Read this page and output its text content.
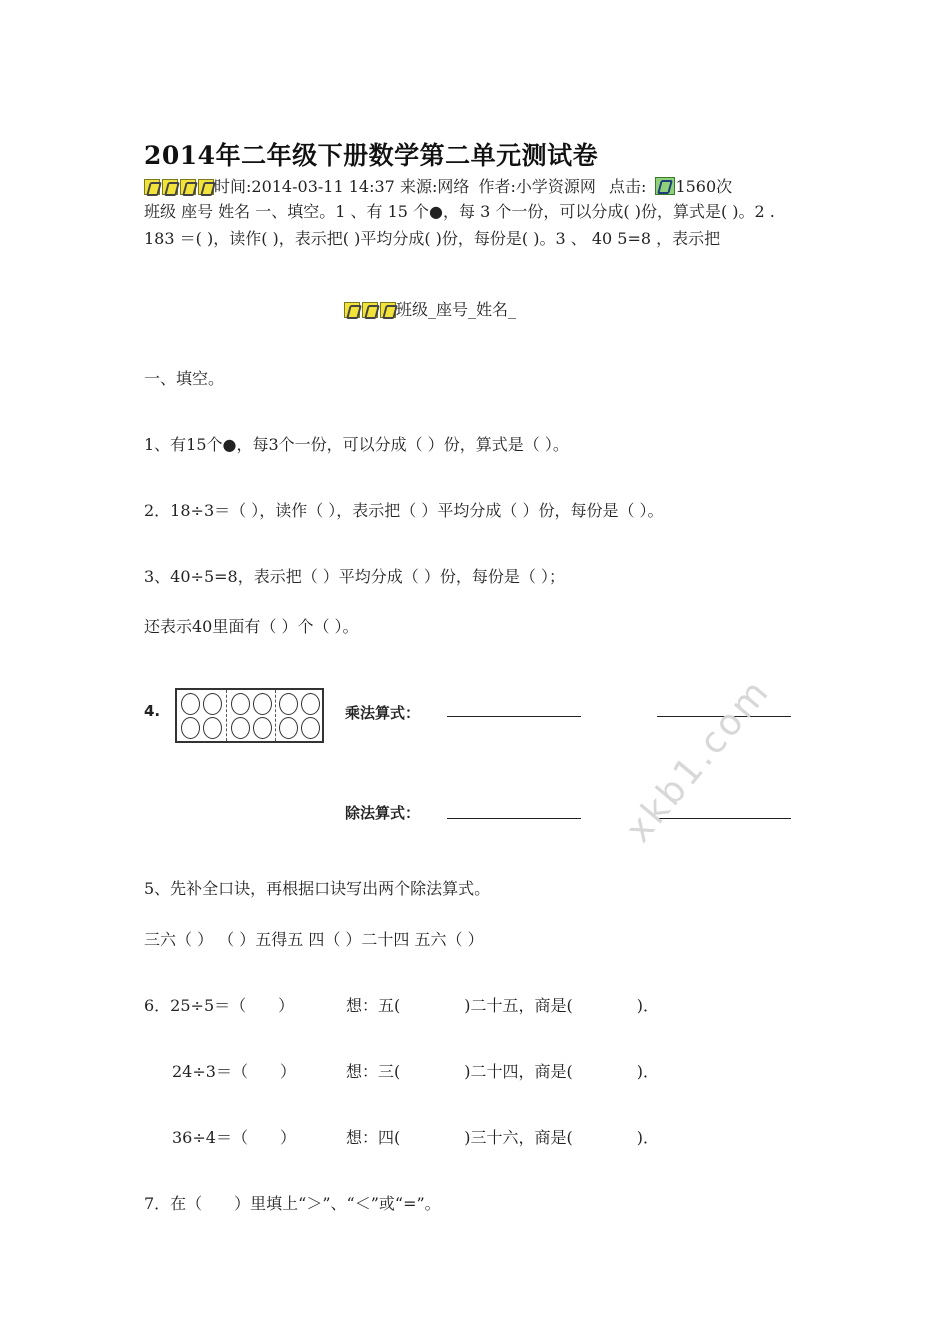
2014年二年级下册数学第二单元测试卷
时间:2014-03-11 14:37 来源:网络 作者:小学资源网 点击: 1560次
班级 座号 姓名 一、填空。1 、有 15 个●，每 3 个一份，可以分成( )份，算式是( )。2 . 183 ＝( )，读作( )，表示把( )平均分成( )份，每份是( )。3 、 40 5=8 ，表示把
班级_座号_姓名_
一、填空。
1、有15个●，每3个一份，可以分成（ ）份，算式是（ ）。
2．18÷3＝（ ），读作（ ），表示把（ ）平均分成（ ）份，每份是（ ）。
3、40÷5=8，表示把（ ）平均分成（ ）份，每份是（ ）；
还表示40里面有（ ）个（ ）。
4.	乘法算式：
除法算式：	xkb1.com
5、先补全口诀，再根据口诀写出两个除法算式。
三六（ ） （ ）五得五 四（ ）二十四 五六（ ）
6．25÷5＝（　　）	想：五(　　　　)二十五，商是(　　　　)．
24÷3＝（　　）	想：三(　　　　)二十四，商是(　　　　)．
36÷4＝（　　）	想：四(　　　　)三十六，商是(　　　　)．
7．在（　　）里填上“＞”、“＜”或“=”。
